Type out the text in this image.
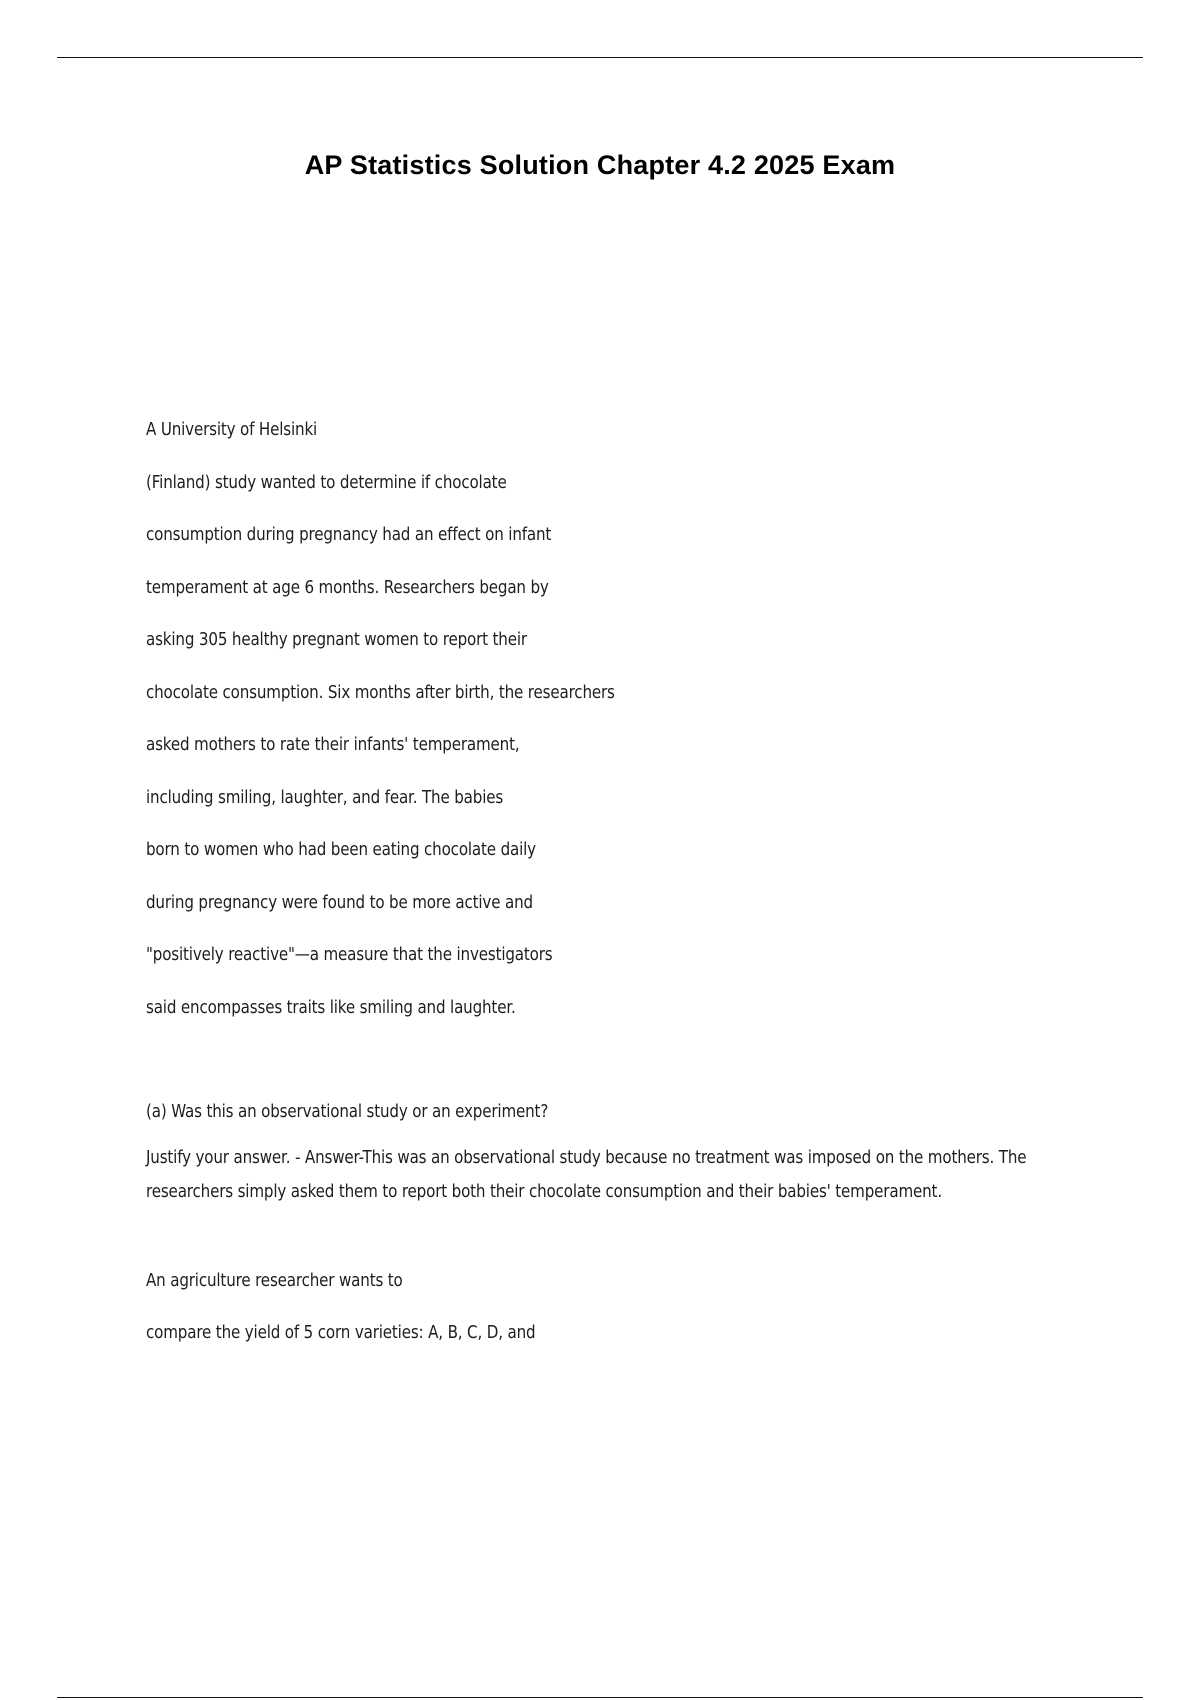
AP Statistics Solution Chapter 4.2 2025 Exam
A University of Helsinki
(Finland) study wanted to determine if chocolate
consumption during pregnancy had an effect on infant
temperament at age 6 months. Researchers began by
asking 305 healthy pregnant women to report their
chocolate consumption. Six months after birth, the researchers
asked mothers to rate their infants' temperament,
including smiling, laughter, and fear. The babies
born to women who had been eating chocolate daily
during pregnancy were found to be more active and
"positively reactive"—a measure that the investigators
said encompasses traits like smiling and laughter.
(a) Was this an observational study or an experiment?
Justify your answer. - Answer-This was an observational study because no treatment was imposed on the mothers. The researchers simply asked them to report both their chocolate consumption and their babies' temperament.
An agriculture researcher wants to
compare the yield of 5 corn varieties: A, B, C, D, and
